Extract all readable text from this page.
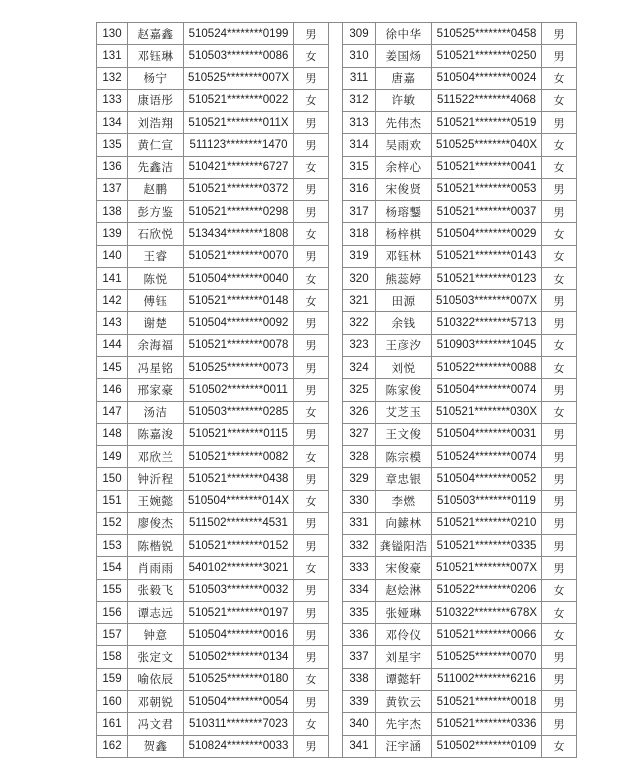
130	赵嘉鑫	510524********0199	男		309	徐中华	510525********0458	男
131	邓钰琳	510503********0086	女		310	姜国炀	510521********0250	男
132	杨宁	510525********007X	男		311	唐嘉	510504********0024	女
133	康语彤	510521********0022	女		312	许敏	511522********4068	女
134	刘浩翔	510521********011X	男		313	先伟杰	510521********0519	男
135	黄仁宣	511123********1470	男		314	吴雨欢	510525********040X	女
136	先鑫洁	510421********6727	女		315	余梓心	510521********0041	女
137	赵鹏	510521********0372	男		316	宋俊贤	510521********0053	男
138	彭方鉴	510521********0298	男		317	杨瑢鑋	510521********0037	男
139	石欣悦	513434********1808	女		318	杨梓棋	510504********0029	女
140	王睿	510521********0070	男		319	邓钰林	510521********0143	女
141	陈悦	510504********0040	女		320	熊蕊婷	510521********0123	女
142	傅钰	510521********0148	女		321	田源	510503********007X	男
143	谢楚	510504********0092	男		322	余钱	510322********5713	男
144	余海福	510521********0078	男		323	王彦汐	510903********1045	女
145	冯星铭	510525********0073	男		324	刘悦	510522********0088	女
146	邢家豪	510502********0011	男		325	陈家俊	510504********0074	男
147	汤洁	510503********0285	女		326	艾芝玉	510521********030X	女
148	陈嘉浚	510521********0115	男		327	王文俊	510504********0031	男
149	邓欣兰	510521********0082	女		328	陈宗模	510524********0074	男
150	钟沂程	510521********0438	男		329	章忠银	510504********0052	男
151	王婉懿	510504********014X	女		330	李燃	510503********0119	男
152	廖俊杰	511502********4531	男		331	向鎍林	510521********0210	男
153	陈楷锐	510521********0152	男		332	龚镒阳浩	510521********0335	男
154	肖雨雨	540102********3021	女		333	宋俊豪	510521********007X	男
155	张毅飞	510503********0032	男		334	赵烩淋	510522********0206	女
156	谭志远	510521********0197	男		335	张娅琳	510322********678X	女
157	钟意	510504********0016	男		336	邓伶仪	510521********0066	女
158	张定文	510502********0134	男		337	刘星宇	510525********0070	男
159	喻依辰	510525********0180	女		338	谭懿轩	511002********6216	男
160	邓朝锐	510504********0054	男		339	黄钦云	510521********0018	男
161	冯文君	510311********7023	女		340	先宇杰	510521********0336	男
162	贺鑫	510824********0033	男		341	汪宇涵	510502********0109	女
